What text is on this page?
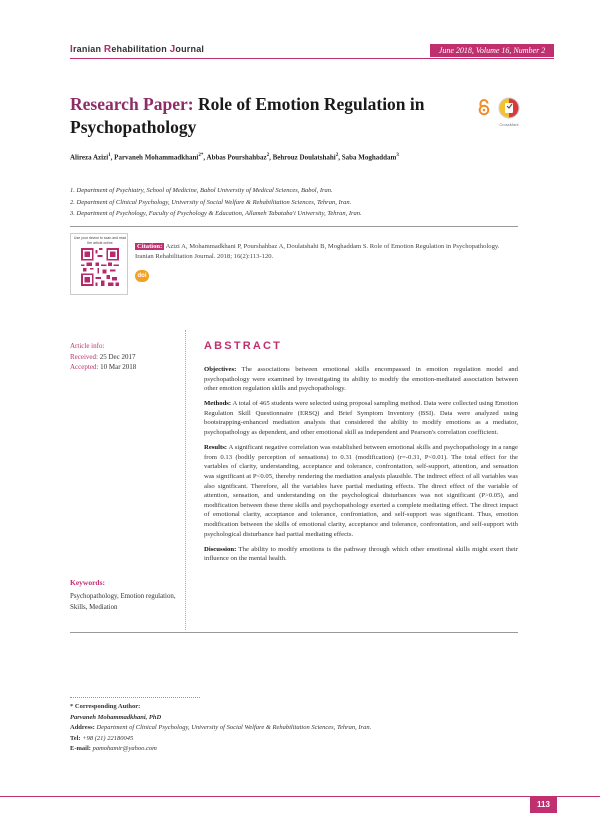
Iranian Rehabilitation Journal	June 2018, Volume 16, Number 2
Research Paper: Role of Emotion Regulation in Psychopathology	CrossMark
Alireza Azizi$^1$, Parvaneh Mohammadkhani$^{2*}$, Abbas Pourshahbaz$^2$, Behrouz Doulatshahi$^2$, Saba Moghaddam$^3$
1. Department of Psychiatry, School of Medicine, Babol University of Medical Sciences, Babol, Iran.
2. Department of Clinical Psychology, University of Social Welfare & Rehabilitation Sciences, Tehran, Iran.
3. Department of Psychology, Faculty of Psychology & Education, Allameh Tabataba'i University, Tehran, Iran.
Use your device to scan and read the article online
Citation: Azizi A, Mohammadkhani P, Pourshahbaz A, Doulatshahi B, Moghaddam S. Role of Emotion Regulation in Psychopathology. Iranian Rehabilitation Journal. 2018; 16(2):113-120.
doi
Article info:
Received: 25 Dec 2017
Accepted: 10 Mar 2018
ABSTRACT

Objectives: The associations between emotional skills encompassed in emotion regulation model and psychopathology were examined by investigating its ability to modify the emotion-mediated association between other emotion regulation skills and psychopathology.

Methods: A total of 465 students were selected using proposal sampling method. Data were collected using Emotion Regulation Skill Questionnaire (ERSQ) and Brief Symptom Inventory (BSI). Data were analyzed using bootstrapping-enhanced mediation analysis that considered the ability to modify emotions as a mediator, psychopathology as dependent, and other emotional skill as independent and Pearson's correlation coefficient.

Results: A significant negative correlation was established between emotional skills and psychopathology in a range from 0.13 (bodily perception of sensations) to 0.31 (modification) (r=-0.31, P<0.01). The total effect for the variables of clarity, understanding, acceptance and tolerance, confrontation, self-support, attention, and sensation was significant at P<0.05, thereby rendering the mediation analysis plausible. The indirect effect of all variables was also significant. Therefore, all the variables have partial mediating effects. The direct effect of the variable of attention, sensation, and understanding on the psychological disturbances was not significant (P>0.05), and modification between these three skills and psychopathology exerted a complete mediating effect. The direct impact of emotional clarity, acceptance and tolerance, confrontation, and self-support was significant. Thus, emotion modification between the skills of emotional clarity, acceptance and tolerance, confrontation, and self-support with psychological disturbance had partial mediating effects.

Discussion: The ability to modify emotions is the pathway through which other emotional skills might exert their influence on the mental health.

Keywords:
Psychopathology, Emotion regulation, Skills, Mediation
* Corresponding Author:
Parvaneh Mohammadkhani, PhD
Address: Department of Clinical Psychology, University of Social Welfare & Rehabilitation Sciences, Tehran, Iran.
Tel: +98 (21) 22180045
E-mail: pamohamir@yahoo.com
113
